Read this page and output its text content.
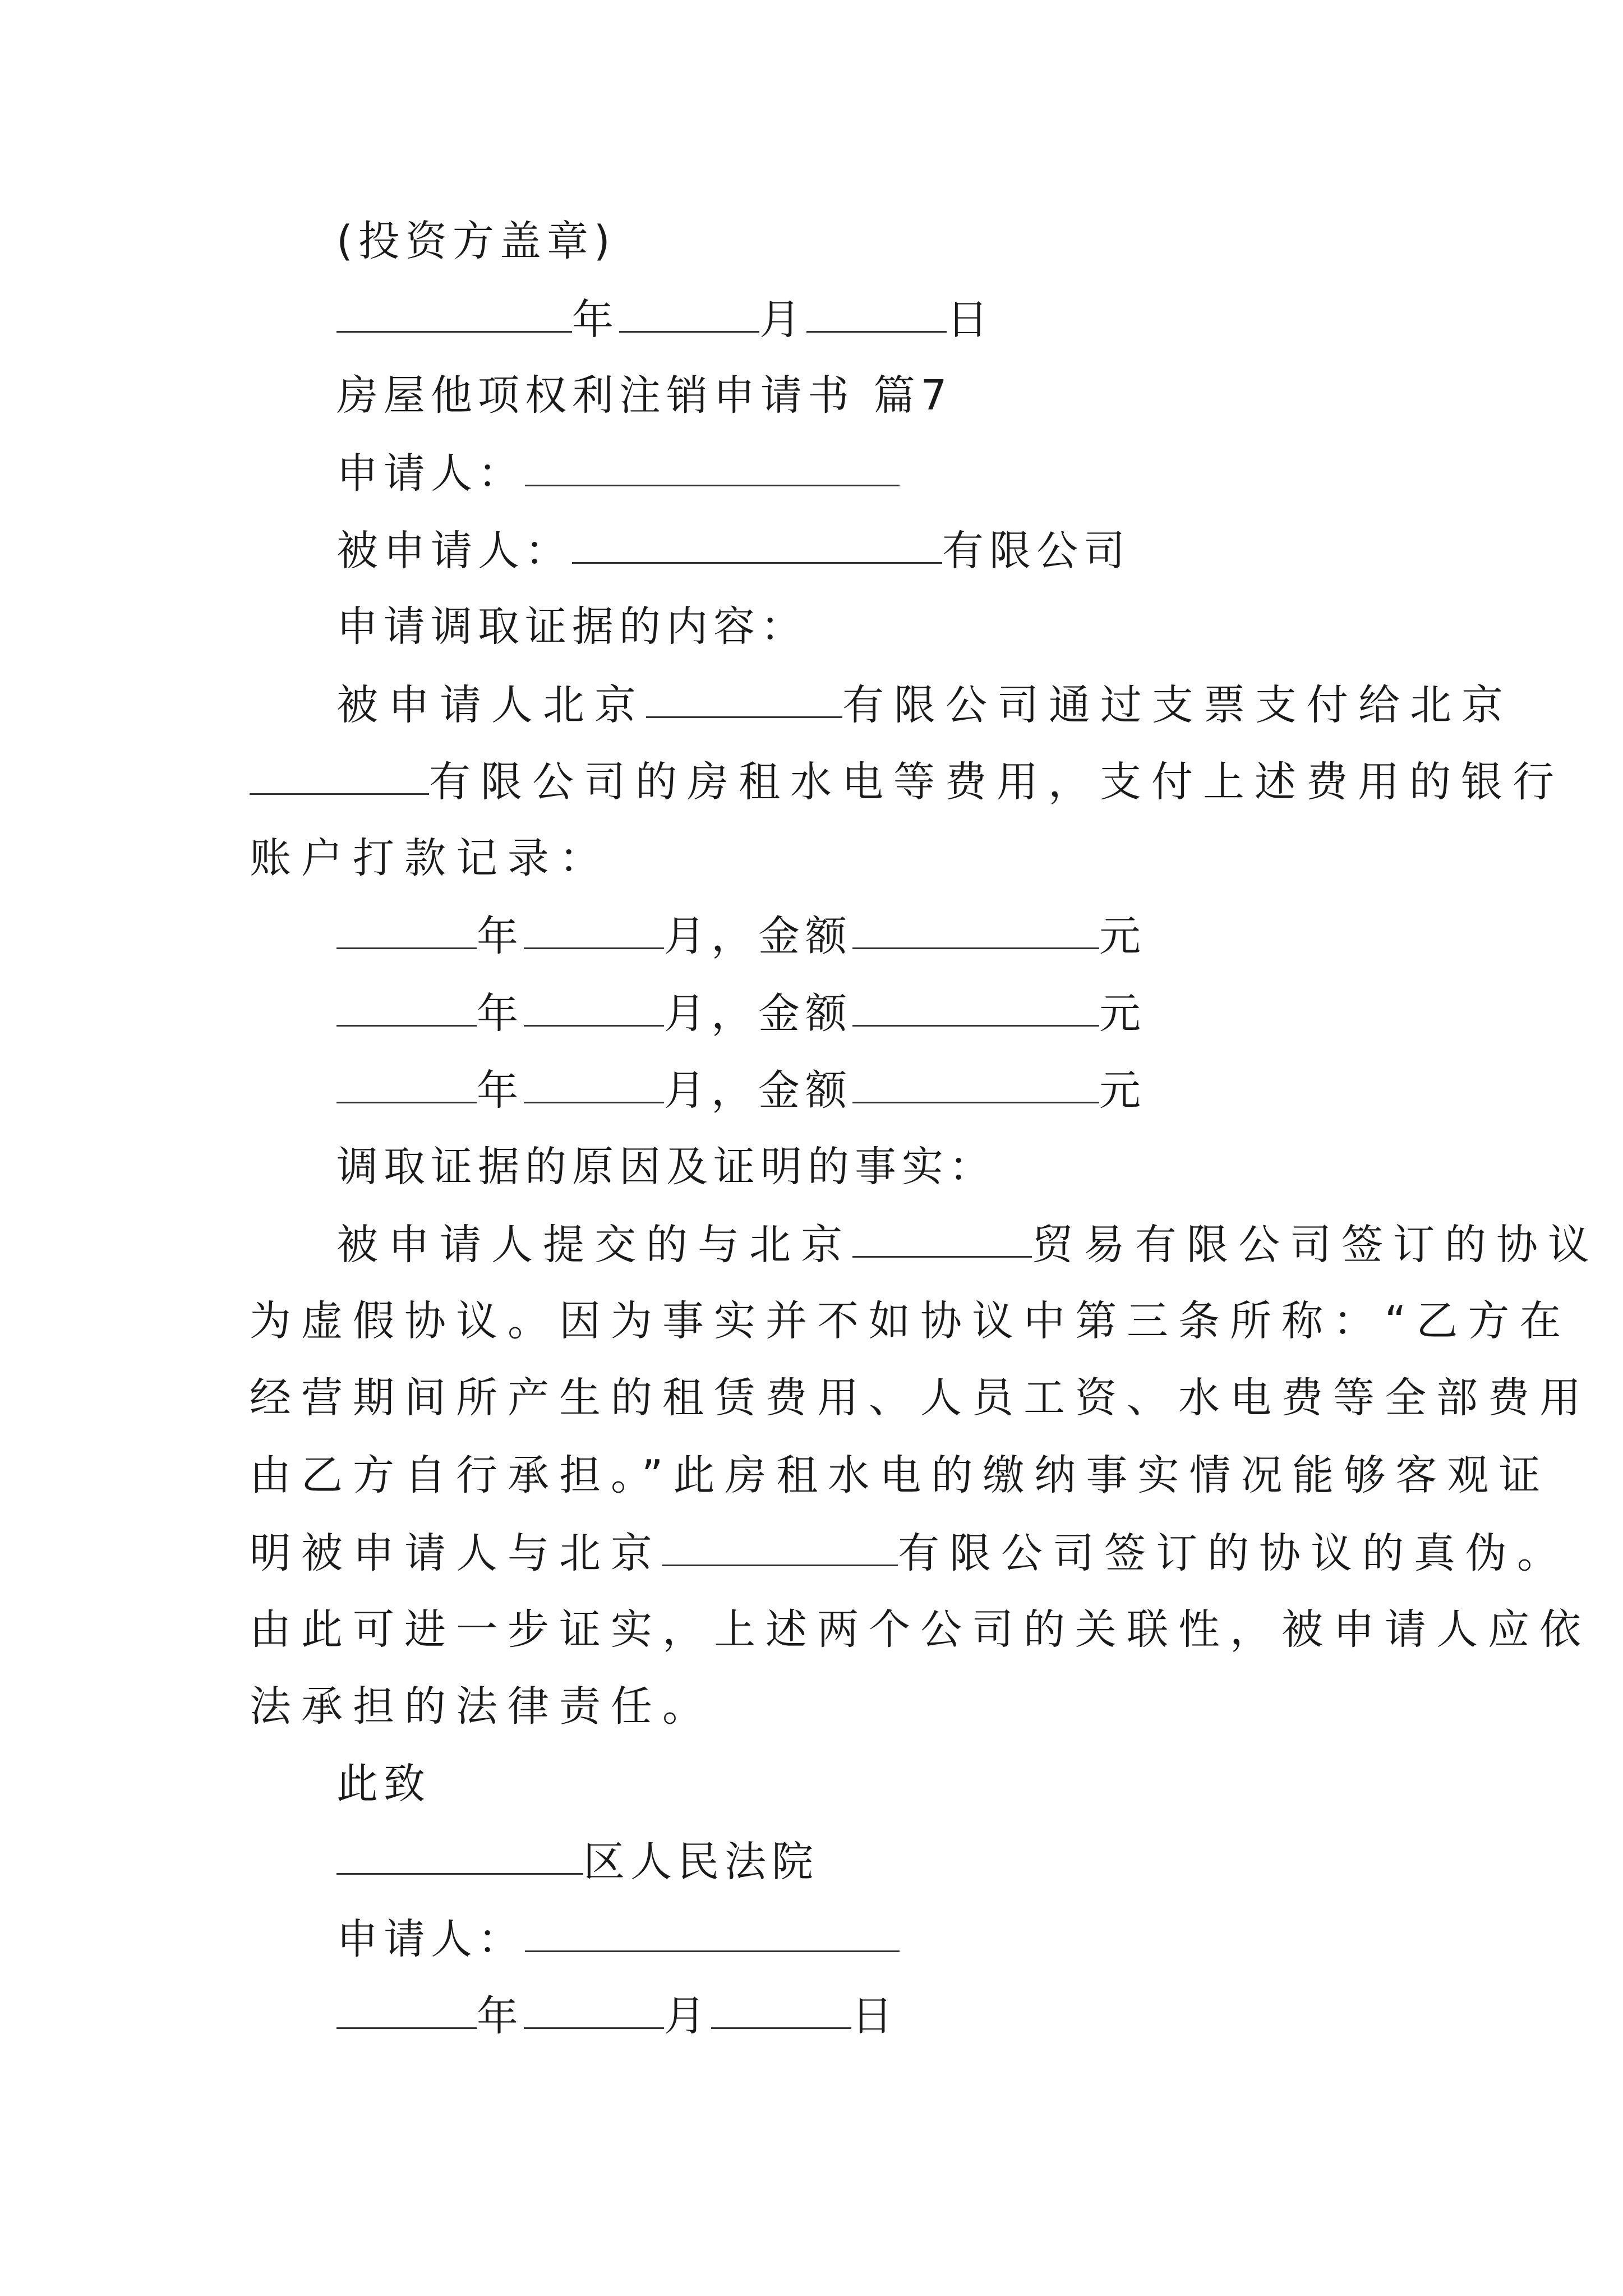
(投资方盖章)
年	月	日
房屋他项权利注销申请书 篇7
申请人：
被申请人：	有限公司
申请调取证据的内容：
被申请人北京	有限公司通过支票支付给北京
有限公司的房租水电等费用，支付上述费用的银行
账户打款记录：
年	月，金额	元
年	月，金额	元
年	月，金额	元
调取证据的原因及证明的事实：
被申请人提交的与北京	贸易有限公司签订的协议
为虚假协议。因为事实并不如协议中第三条所称：“乙方在
经营期间所产生的租赁费用、人员工资、水电费等全部费用
由乙方自行承担。”此房租水电的缴纳事实情况能够客观证
明被申请人与北京	有限公司签订的协议的真伪。
由此可进一步证实，上述两个公司的关联性，被申请人应依
法承担的法律责任。
此致
区人民法院
申请人：
年	月	日
